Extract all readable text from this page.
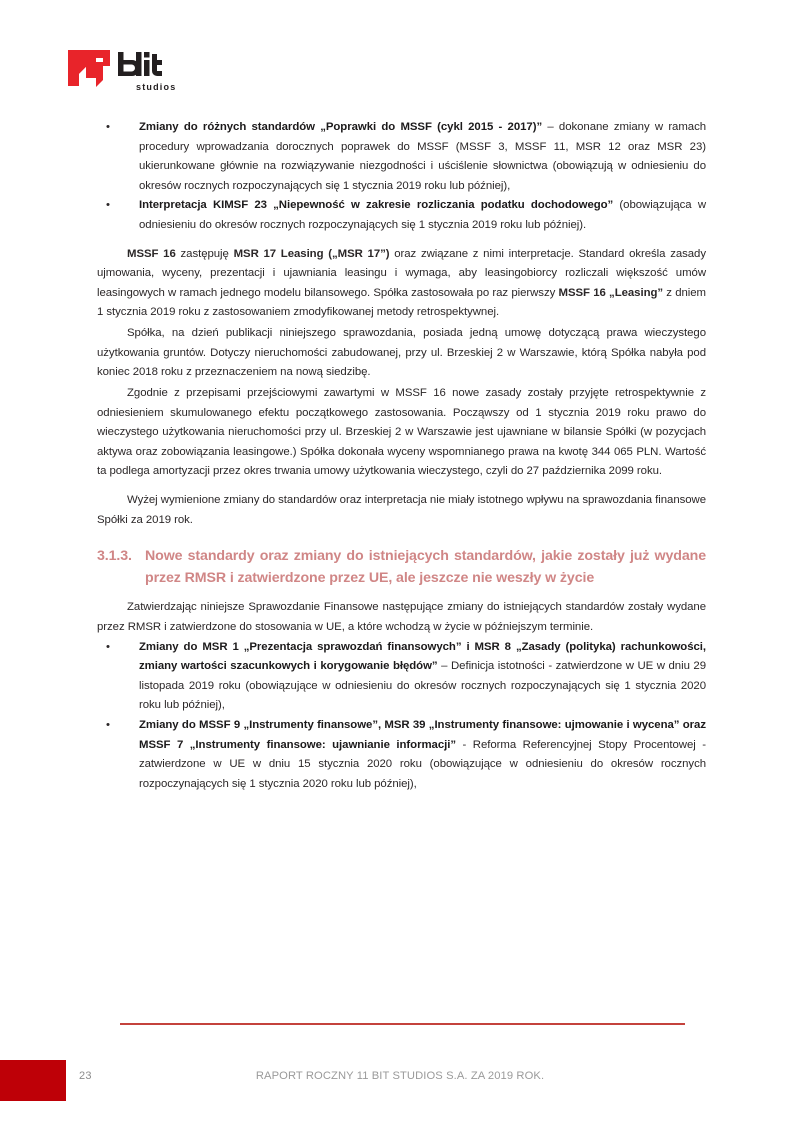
studios
•	Zmiany do różnych standardów „Poprawki do MSSF (cykl 2015 - 2017)” – dokonane zmiany w ramach procedury wprowadzania dorocznych poprawek do MSSF (MSSF 3, MSSF 11, MSR 12 oraz MSR 23) ukierunkowane głównie na rozwiązywanie niezgodności i uściślenie słownictwa (obowiązują w odniesieniu do okresów rocznych rozpoczynających się 1 stycznia 2019 roku lub później),
•	Interpretacja KIMSF 23 „Niepewność w zakresie rozliczania podatku dochodowego” (obowiązująca w odniesieniu do okresów rocznych rozpoczynających się 1 stycznia 2019 roku lub później).

MSSF 16 zastępuję MSR 17 Leasing („MSR 17”) oraz związane z nimi interpretacje. Standard określa zasady ujmowania, wyceny, prezentacji i ujawniania leasingu i wymaga, aby leasingobiorcy rozliczali większość umów leasingowych w ramach jednego modelu bilansowego. Spółka zastosowała po raz pierwszy MSSF 16 „Leasing” z dniem 1 stycznia 2019 roku z zastosowaniem zmodyfikowanej metody retrospektywnej.

Spółka, na dzień publikacji niniejszego sprawozdania, posiada jedną umowę dotyczącą prawa wieczystego użytkowania gruntów. Dotyczy nieruchomości zabudowanej, przy ul. Brzeskiej 2 w Warszawie, którą Spółka nabyła pod koniec 2018 roku z przeznaczeniem na nową siedzibę.

Zgodnie z przepisami przejściowymi zawartymi w MSSF 16 nowe zasady zostały przyjęte retrospektywnie z odniesieniem skumulowanego efektu początkowego zastosowania. Począwszy od 1 stycznia 2019 roku prawo do wieczystego użytkowania nieruchomości przy ul. Brzeskiej 2 w Warszawie jest ujawniane w bilansie Spółki (w pozycjach aktywa oraz zobowiązania leasingowe.) Spółka dokonała wyceny wspomnianego prawa na kwotę 344 065 PLN. Wartość ta podlega amortyzacji przez okres trwania umowy użytkowania wieczystego, czyli do 27 października 2099 roku.

Wyżej wymienione zmiany do standardów oraz interpretacja nie miały istotnego wpływu na sprawozdania finansowe Spółki za 2019 rok.

3.1.3. Nowe standardy oraz zmiany do istniejących standardów, jakie zostały już wydane przez RMSR i zatwierdzone przez UE, ale jeszcze nie weszły w życie

Zatwierdzając niniejsze Sprawozdanie Finansowe następujące zmiany do istniejących standardów zostały wydane przez RMSR i zatwierdzone do stosowania w UE, a które wchodzą w życie w późniejszym terminie.

•	Zmiany do MSR 1 „Prezentacja sprawozdań finansowych” i MSR 8 „Zasady (polityka) rachunkowości, zmiany wartości szacunkowych i korygowanie błędów” – Definicja istotności - zatwierdzone w UE w dniu 29 listopada 2019 roku (obowiązujące w odniesieniu do okresów rocznych rozpoczynających się 1 stycznia 2020 roku lub później),
•	Zmiany do MSSF 9 „Instrumenty finansowe”, MSR 39 „Instrumenty finansowe: ujmowanie i wycena” oraz MSSF 7 „Instrumenty finansowe: ujawnianie informacji” - Reforma Referencyjnej Stopy Procentowej - zatwierdzone w UE w dniu 15 stycznia 2020 roku (obowiązujące w odniesieniu do okresów rocznych rozpoczynających się 1 stycznia 2020 roku lub później),
23	RAPORT ROCZNY 11 BIT STUDIOS S.A. ZA 2019 ROK.
